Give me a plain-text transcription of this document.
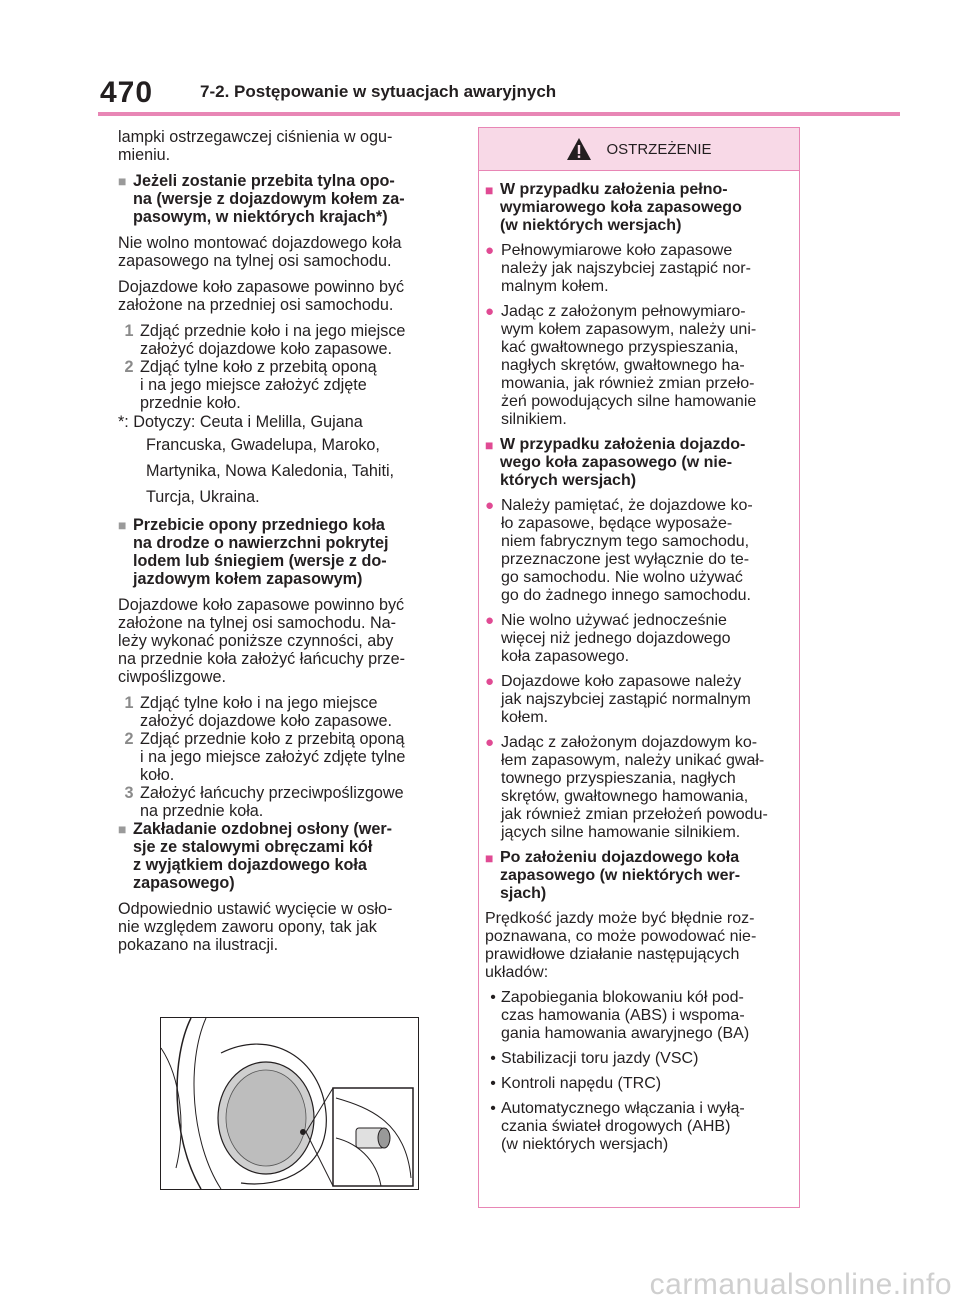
470	7-2. Postępowanie w sytuacjach awaryjnych

lampki ostrzegawczej ciśnienia w ogu-
mieniu.

■ Jeżeli zostanie przebita tylna opo-
na (wersje z dojazdowym kołem za-
pasowym, w niektórych krajach*)

Nie wolno montować dojazdowego koła
zapasowego na tylnej osi samochodu.

Dojazdowe koło zapasowe powinno być
założone na przedniej osi samochodu.

1 Zdjąć przednie koło i na jego miejsce
założyć dojazdowe koło zapasowe.
2 Zdjąć tylne koło z przebitą oponą
i na jego miejsce założyć zdjęte
przednie koło.
*: Dotyczy: Ceuta i Melilla, Gujana
Francuska, Gwadelupa, Maroko,
Martynika, Nowa Kaledonia, Tahiti,
Turcja, Ukraina.
■ Przebicie opony przedniego koła
na drodze o nawierzchni pokrytej
lodem lub śniegiem (wersje z do-
jazdowym kołem zapasowym)

Dojazdowe koło zapasowe powinno być
założone na tylnej osi samochodu. Na-
leży wykonać poniższe czynności, aby
na przednie koła założyć łańcuchy prze-
ciwpoślizgowe.

1 Zdjąć tylne koło i na jego miejsce
założyć dojazdowe koło zapasowe.
2 Zdjąć przednie koło z przebitą oponą
i na jego miejsce założyć zdjęte tylne
koło.
3 Założyć łańcuchy przeciwpoślizgowe
na przednie koła.
■ Zakładanie ozdobnej osłony (wer-
sje ze stalowymi obręczami kół
z wyjątkiem dojazdowego koła
zapasowego)

Odpowiednio ustawić wycięcie w osło-
nie względem zaworu opony, tak jak
pokazano na ilustracji.

OSTRZEŻENIE
■ W przypadku założenia pełno-
wymiarowego koła zapasowego
(w niektórych wersjach)
● Pełnowymiarowe koło zapasowe
należy jak najszybciej zastąpić nor-
malnym kołem.
● Jadąc z założonym pełnowymiaro-
wym kołem zapasowym, należy uni-
kać gwałtownego przyspieszania,
nagłych skrętów, gwałtownego ha-
mowania, jak również zmian przeło-
żeń powodujących silne hamowanie
silnikiem.
■ W przypadku założenia dojazdo-
wego koła zapasowego (w nie-
których wersjach)
● Należy pamiętać, że dojazdowe ko-
ło zapasowe, będące wyposaże-
niem fabrycznym tego samochodu,
przeznaczone jest wyłącznie do te-
go samochodu. Nie wolno używać
go do żadnego innego samochodu.
● Nie wolno używać jednocześnie
więcej niż jednego dojazdowego
koła zapasowego.
● Dojazdowe koło zapasowe należy
jak najszybciej zastąpić normalnym
kołem.
● Jadąc z założonym dojazdowym ko-
łem zapasowym, należy unikać gwał-
townego przyspieszania, nagłych
skrętów, gwałtownego hamowania,
jak również zmian przełożeń powodu-
jących silne hamowanie silnikiem.
■ Po założeniu dojazdowego koła
zapasowego (w niektórych wer-
sjach)

Prędkość jazdy może być błędnie roz-
poznawana, co może powodować nie-
prawidłowe działanie następujących
układów:

• Zapobiegania blokowaniu kół pod-
czas hamowania (ABS) i wspoma-
gania hamowania awaryjnego (BA)
• Stabilizacji toru jazdy (VSC)
• Kontroli napędu (TRC)
• Automatycznego włączania i wyłą-
czania świateł drogowych (AHB)
(w niektórych wersjach)
carmanualsonline.info
